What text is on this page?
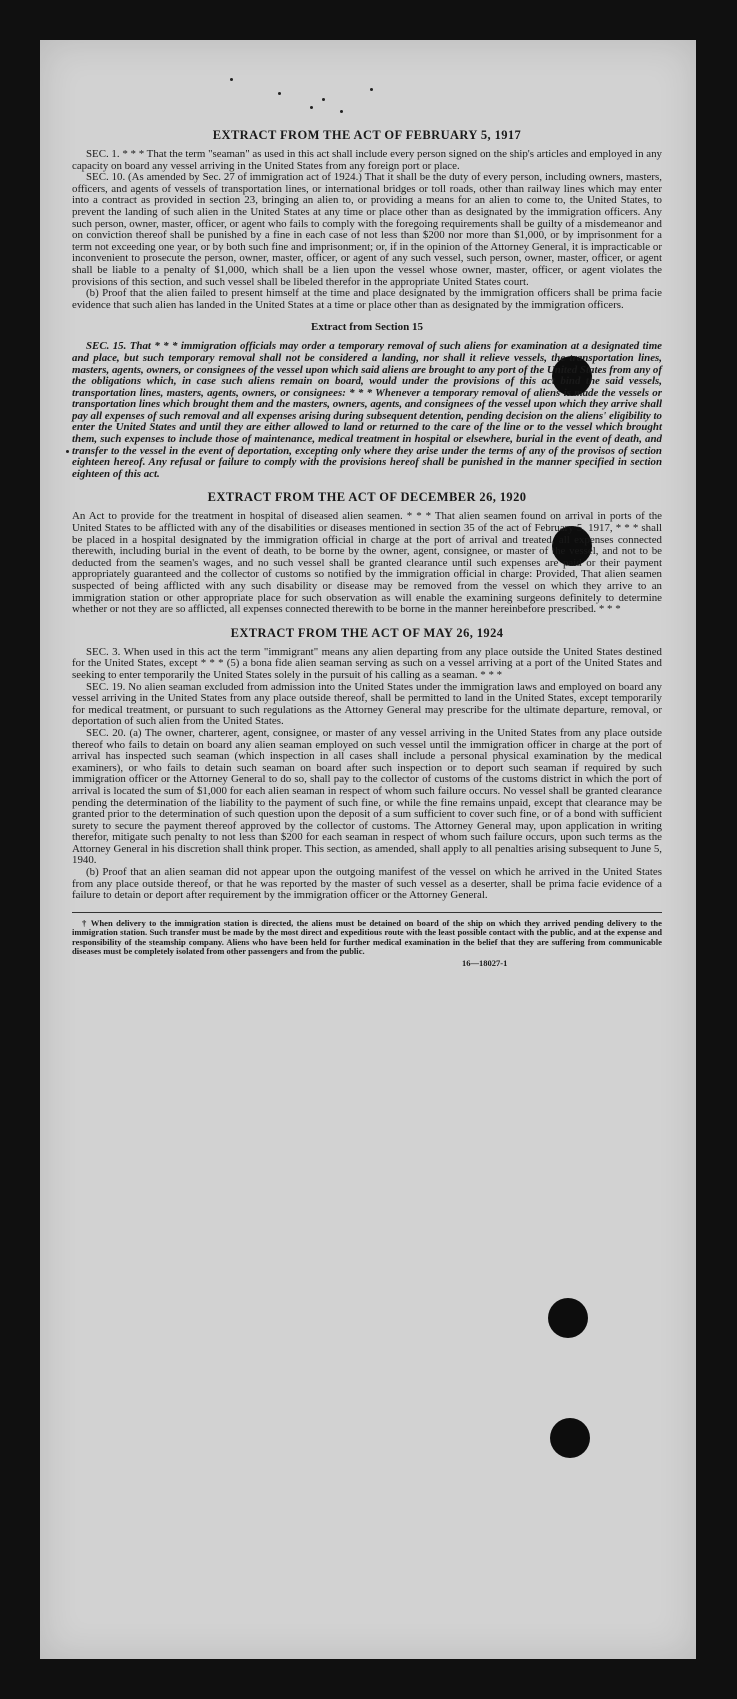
EXTRACT FROM THE ACT OF FEBRUARY 5, 1917

SEC. 1. * * * That the term "seaman" as used in this act shall include every person signed on the ship's articles and employed in any capacity on board any vessel arriving in the United States from any foreign port or place.

SEC. 10. (As amended by Sec. 27 of immigration act of 1924.) That it shall be the duty of every person, including owners, masters, officers, and agents of vessels of transportation lines, or international bridges or toll roads, other than railway lines which may enter into a contract as provided in section 23, bringing an alien to, or providing a means for an alien to come to, the United States, to prevent the landing of such alien in the United States at any time or place other than as designated by the immigration officers. Any such person, owner, master, officer, or agent who fails to comply with the foregoing requirements shall be guilty of a misdemeanor and on conviction thereof shall be punished by a fine in each case of not less than $200 nor more than $1,000, or by imprisonment for a term not exceeding one year, or by both such fine and imprisonment; or, if in the opinion of the Attorney General, it is impracticable or inconvenient to prosecute the person, owner, master, officer, or agent of any such vessel, such person, owner, master, officer, or agent shall be liable to a penalty of $1,000, which shall be a lien upon the vessel whose owner, master, officer, or agent violates the provisions of this section, and such vessel shall be libeled therefor in the appropriate United States court.

(b) Proof that the alien failed to present himself at the time and place designated by the immigration officers shall be prima facie evidence that such alien has landed in the United States at a time or place other than as designated by the immigration officers.

Extract from Section 15

SEC. 15. That * * * immigration officials may order a temporary removal of such aliens for examination at a designated time and place, but such temporary removal shall not be considered a landing, nor shall it relieve vessels, the transportation lines, masters, agents, owners, or consignees of the vessel upon which said aliens are brought to any port of the United States from any of the obligations which, in case such aliens remain on board, would under the provisions of this act bind the said vessels, transportation lines, masters, agents, owners, or consignees: * * * Whenever a temporary removal of aliens is made the vessels or transportation lines which brought them and the masters, owners, agents, and consignees of the vessel upon which they arrive shall pay all expenses of such removal and all expenses arising during subsequent detention, pending decision on the aliens' eligibility to enter the United States and until they are either allowed to land or returned to the care of the line or to the vessel which brought them, such expenses to include those of maintenance, medical treatment in hospital or elsewhere, burial in the event of death, and transfer to the vessel in the event of deportation, excepting only where they arise under the terms of any of the provisos of section eighteen hereof. Any refusal or failure to comply with the provisions hereof shall be punished in the manner specified in section eighteen of this act.

EXTRACT FROM THE ACT OF DECEMBER 26, 1920

An Act to provide for the treatment in hospital of diseased alien seamen. * * * That alien seamen found on arrival in ports of the United States to be afflicted with any of the disabilities or diseases mentioned in section 35 of the act of February 5, 1917, * * * shall be placed in a hospital designated by the immigration official in charge at the port of arrival and treated, all expenses connected therewith, including burial in the event of death, to be borne by the owner, agent, consignee, or master of the vessel, and not to be deducted from the seamen's wages, and no such vessel shall be granted clearance until such expenses are paid or their payment appropriately guaranteed and the collector of customs so notified by the immigration official in charge: Provided, That alien seamen suspected of being afflicted with any such disability or disease may be removed from the vessel on which they arrive to an immigration station or other appropriate place for such observation as will enable the examining surgeons definitely to determine whether or not they are so afflicted, all expenses connected therewith to be borne in the manner hereinbefore prescribed. * * *

EXTRACT FROM THE ACT OF MAY 26, 1924

SEC. 3. When used in this act the term "immigrant" means any alien departing from any place outside the United States destined for the United States, except * * * (5) a bona fide alien seaman serving as such on a vessel arriving at a port of the United States and seeking to enter temporarily the United States solely in the pursuit of his calling as a seaman. * * *

SEC. 19. No alien seaman excluded from admission into the United States under the immigration laws and employed on board any vessel arriving in the United States from any place outside thereof, shall be permitted to land in the United States, except temporarily for medical treatment, or pursuant to such regulations as the Attorney General may prescribe for the ultimate departure, removal, or deportation of such alien from the United States.

SEC. 20. (a) The owner, charterer, agent, consignee, or master of any vessel arriving in the United States from any place outside thereof who fails to detain on board any alien seaman employed on such vessel until the immigration officer in charge at the port of arrival has inspected such seaman (which inspection in all cases shall include a personal physical examination by the medical examiners), or who fails to detain such seaman on board after such inspection or to deport such seaman if required by such immigration officer or the Attorney General to do so, shall pay to the collector of customs of the customs district in which the port of arrival is located the sum of $1,000 for each alien seaman in respect of whom such failure occurs. No vessel shall be granted clearance pending the determination of the liability to the payment of such fine, or while the fine remains unpaid, except that clearance may be granted prior to the determination of such question upon the deposit of a sum sufficient to cover such fine, or of a bond with sufficient surety to secure the payment thereof approved by the collector of customs. The Attorney General may, upon application in writing therefor, mitigate such penalty to not less than $200 for each seaman in respect of whom such failure occurs, upon such terms as the Attorney General in his discretion shall think proper. This section, as amended, shall apply to all penalties arising subsequent to June 5, 1940.

(b) Proof that an alien seaman did not appear upon the outgoing manifest of the vessel on which he arrived in the United States from any place outside thereof, or that he was reported by the master of such vessel as a deserter, shall be prima facie evidence of a failure to detain or deport after requirement by the immigration officer or the Attorney General.

† When delivery to the immigration station is directed, the aliens must be detained on board of the ship on which they arrived pending delivery to the immigration station. Such transfer must be made by the most direct and expeditious route with the least possible contact with the public, and at the expense and responsibility of the steamship company. Aliens who have been held for further medical examination in the belief that they are suffering from communicable diseases must be completely isolated from other passengers and from the public.
16—18027-1
